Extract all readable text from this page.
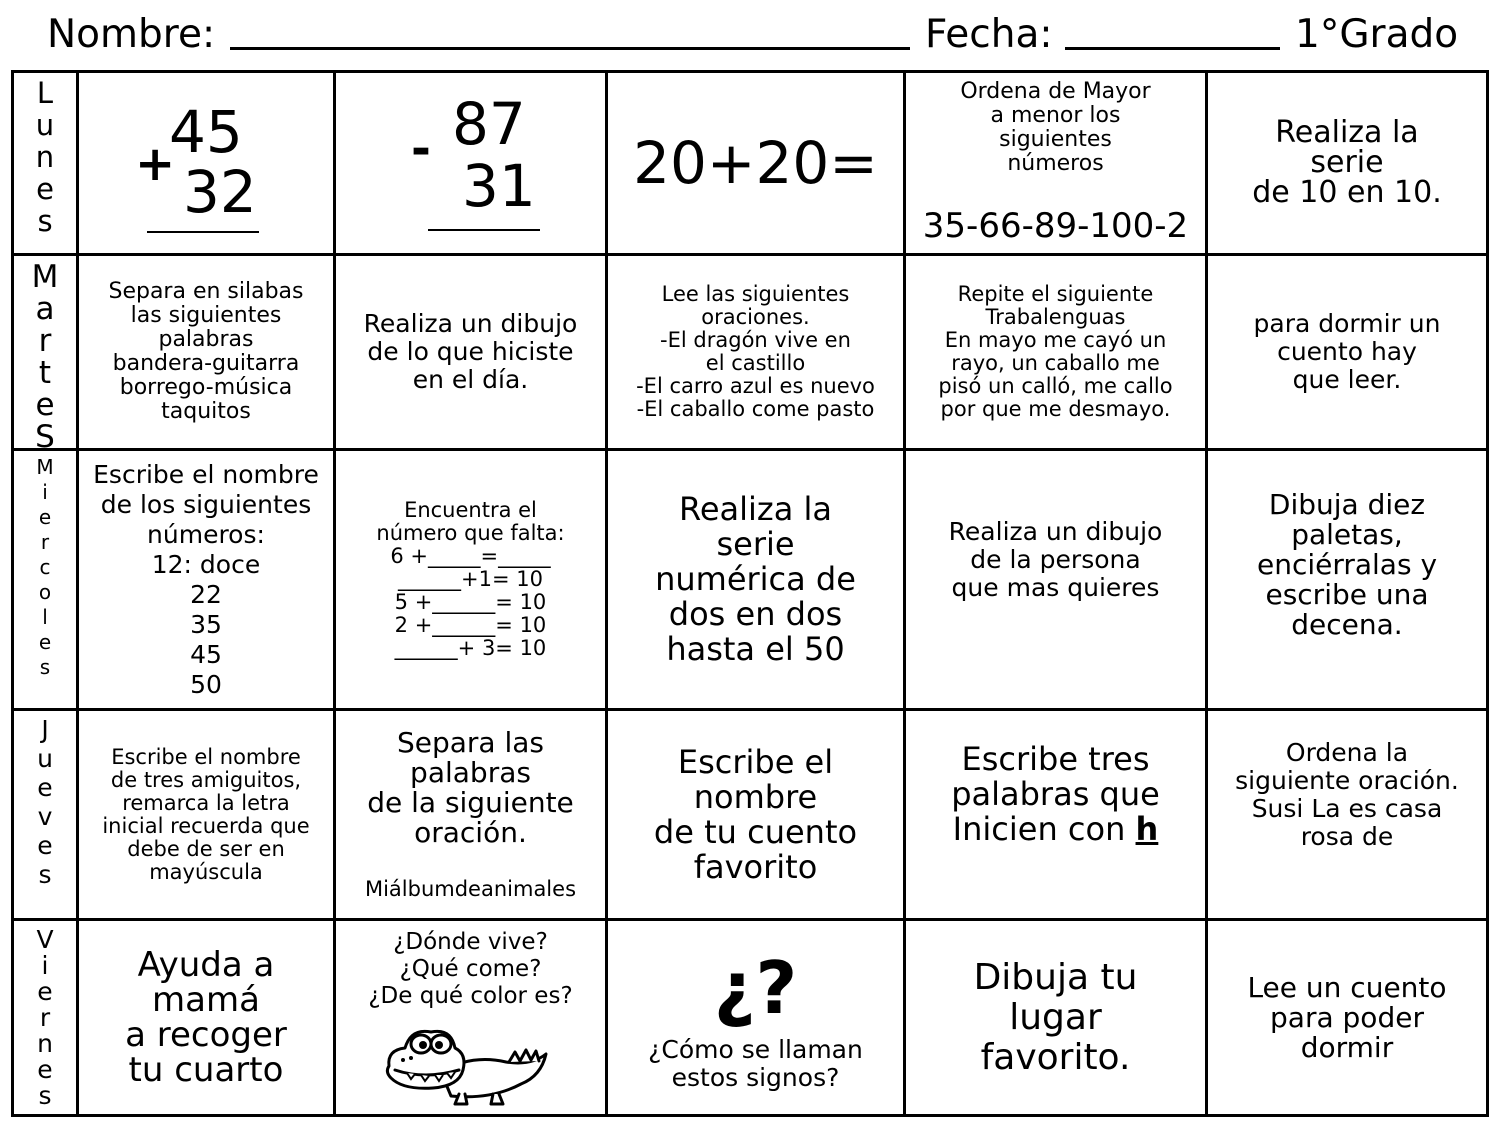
Nombre:	Fecha:	1°Grado
L
u
n
e
s
+
45
32
- 87
31 20+20=

Ordena de Mayor
a menor los
siguientes
números

35-66-89-100-2

Realiza la
serie
de 10 en 10.

M
a
r
t
e
S

Separa en silabas
las siguientes
palabras
bandera-guitarra
borrego-música
taquitos

Realiza un dibujo
de lo que hiciste
en el día.

Lee las siguientes
oraciones.
-El dragón vive en
el castillo
-El carro azul es nuevo
-El caballo come pasto

Repite el siguiente
Trabalenguas
En mayo me cayó un
rayo, un caballo me
pisó un calló, me callo
por que me desmayo.

para dormir un
cuento hay
que leer.

M
i
e
r
c
o
l
e
s

Escribe el nombre
de los siguientes
números:
12: doce
22
35
45
50

Encuentra el
número que falta:
6 +_____=_____
______+1= 10
5 +______= 10
2 +______= 10
______+ 3= 10

Realiza la
serie
numérica de
dos en dos
hasta el 50

Realiza un dibujo
de la persona
que mas quieres

Dibuja diez
paletas,
enciérralas y
escribe una
decena.

J
u
e
v
e
s

Escribe el nombre
de tres amiguitos,
remarca la letra
inicial recuerda que
debe de ser en
mayúscula

Separa las
palabras
de la siguiente
oración.

Miálbumdeanimales

Escribe el
nombre
de tu cuento
favorito

Escribe tres
palabras que
Inicien con h

Ordena la
siguiente oración.
Susi La es casa
rosa de

V
i
e
r
n
e
s

Ayuda a
mamá
a recoger
tu cuarto

¿Dónde vive?
¿Qué come?
¿De qué color es? ¿?

¿Cómo se llaman
estos signos?

Dibuja tu
lugar
favorito.

Lee un cuento
para poder
dormir
